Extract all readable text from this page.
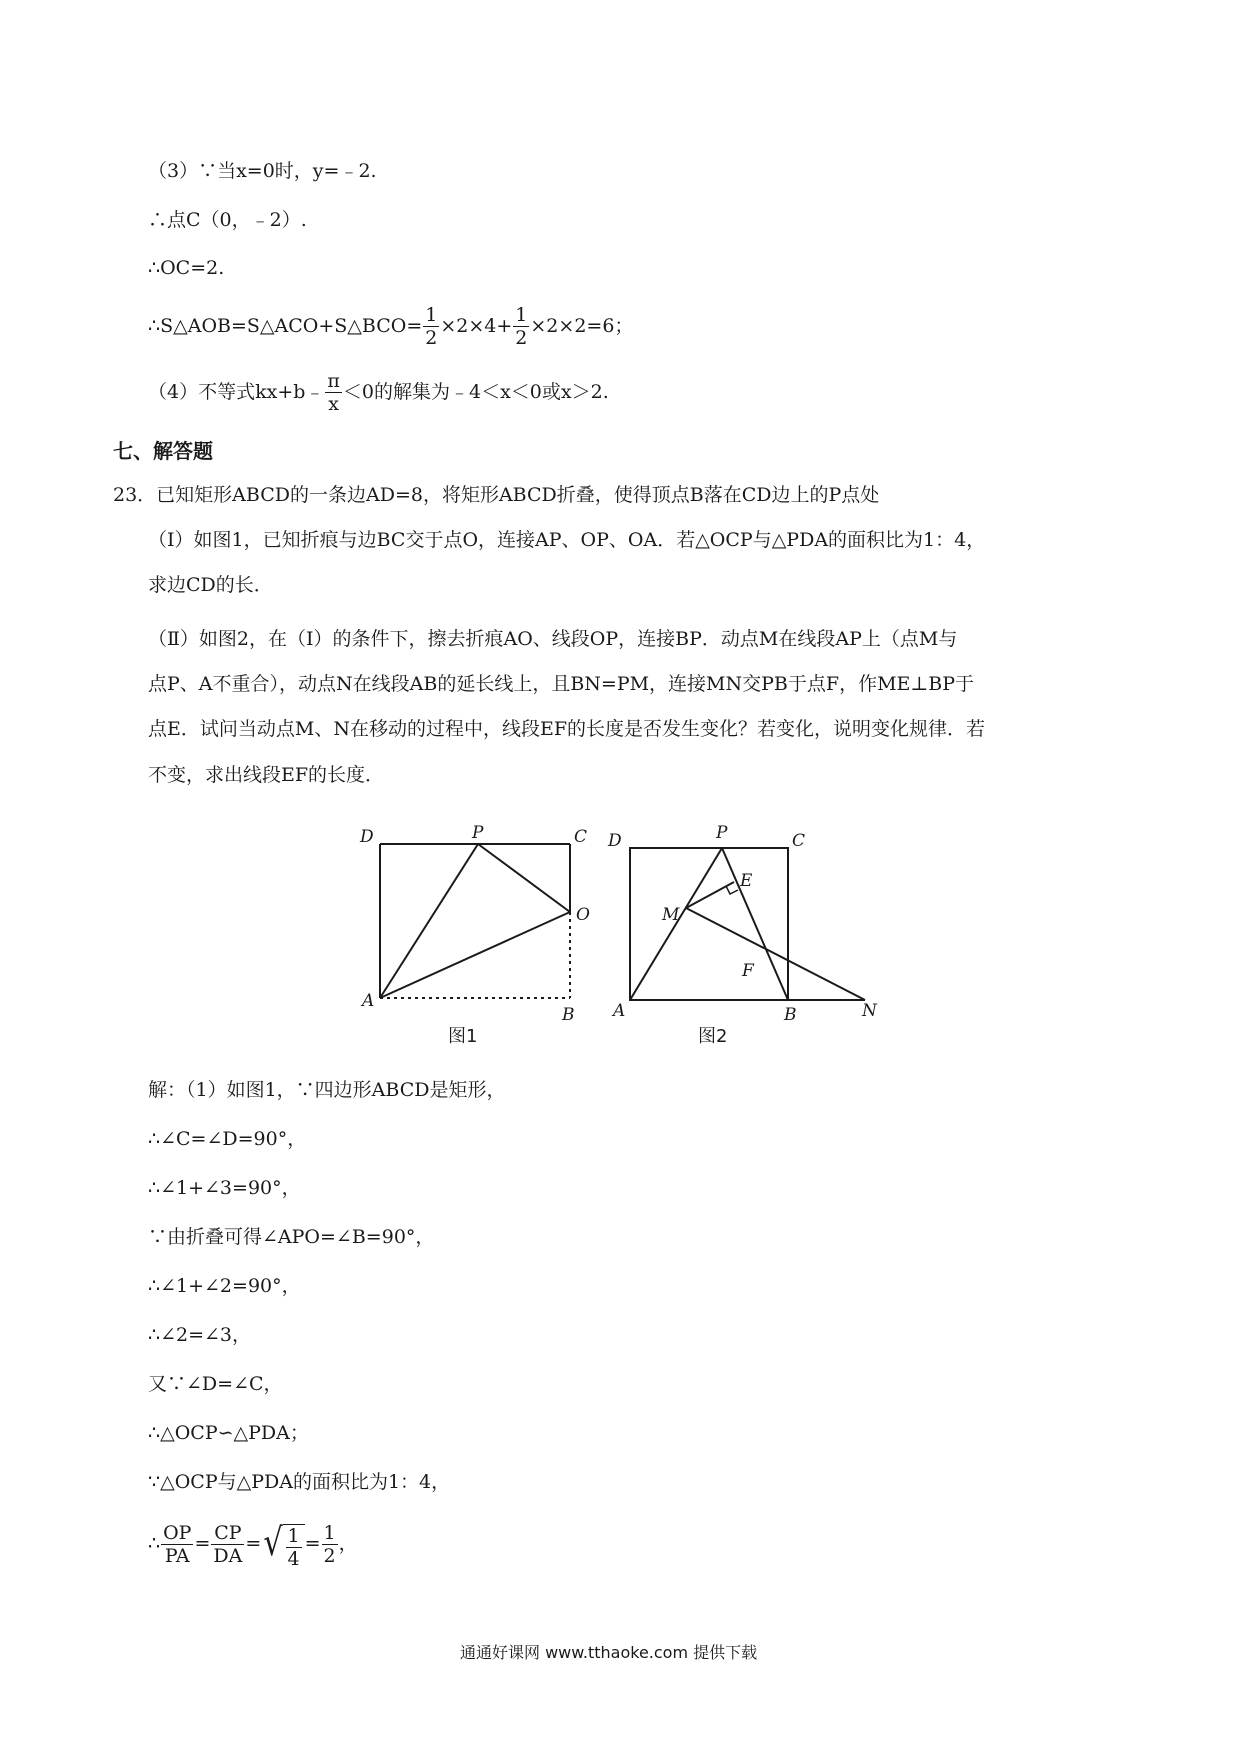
（3）∵当x=0时，y=﹣2.
∴点C（0，﹣2）.
∴OC=2.
∴S△AOB=S△ACO+S△BCO= $\frac{1}{2} \times 2\times 4+ \frac{1}{2} \times 2\times 2=6$；
（4）不等式kx+b﹣ $\frac{\pi}{x} <0$的解集为﹣4＜x＜0或x＞2.
七、解答题
23．已知矩形ABCD的一条边AD=8，将矩形ABCD折叠，使得顶点B落在CD边上的P点处
（Ⅰ）如图1，已知折痕与边BC交于点O，连接AP、OP、OA．若△OCP与△PDA的面积比为1：4，
求边CD的长．
（Ⅱ）如图2，在（Ⅰ）的条件下，擦去折痕AO、线段OP，连接BP．动点M在线段AP上（点M与
点P、A不重合），动点N在线段AB的延长线上，且BN=PM，连接MN交PB于点F，作ME⊥BP于
点E．试问当动点M、N在移动的过程中，线段EF的长度是否发生变化？若变化，说明变化规律．若
不变，求出线段EF的长度．
D	P	C
O
A
B
图1
D	P	C
E
M
F
A	B	N
图2
解：（1）如图1，∵四边形ABCD是矩形，
∴∠C=∠D=90°，
∴∠1+∠3=90°，
∵由折叠可得∠APO=∠B=90°，
∴∠1+∠2=90°，
∴∠2=∠3，
又∵∠D=∠C，
∴△OCP∽△PDA；
∵△OCP与△PDA的面积比为1：4，
∴ $\frac{OP}{PA} = \frac{CP}{DA}$ = √ $\frac{1}{4} = \frac{1}{2}$ ，
通通好课网 www.tthaoke.com 提供下载
